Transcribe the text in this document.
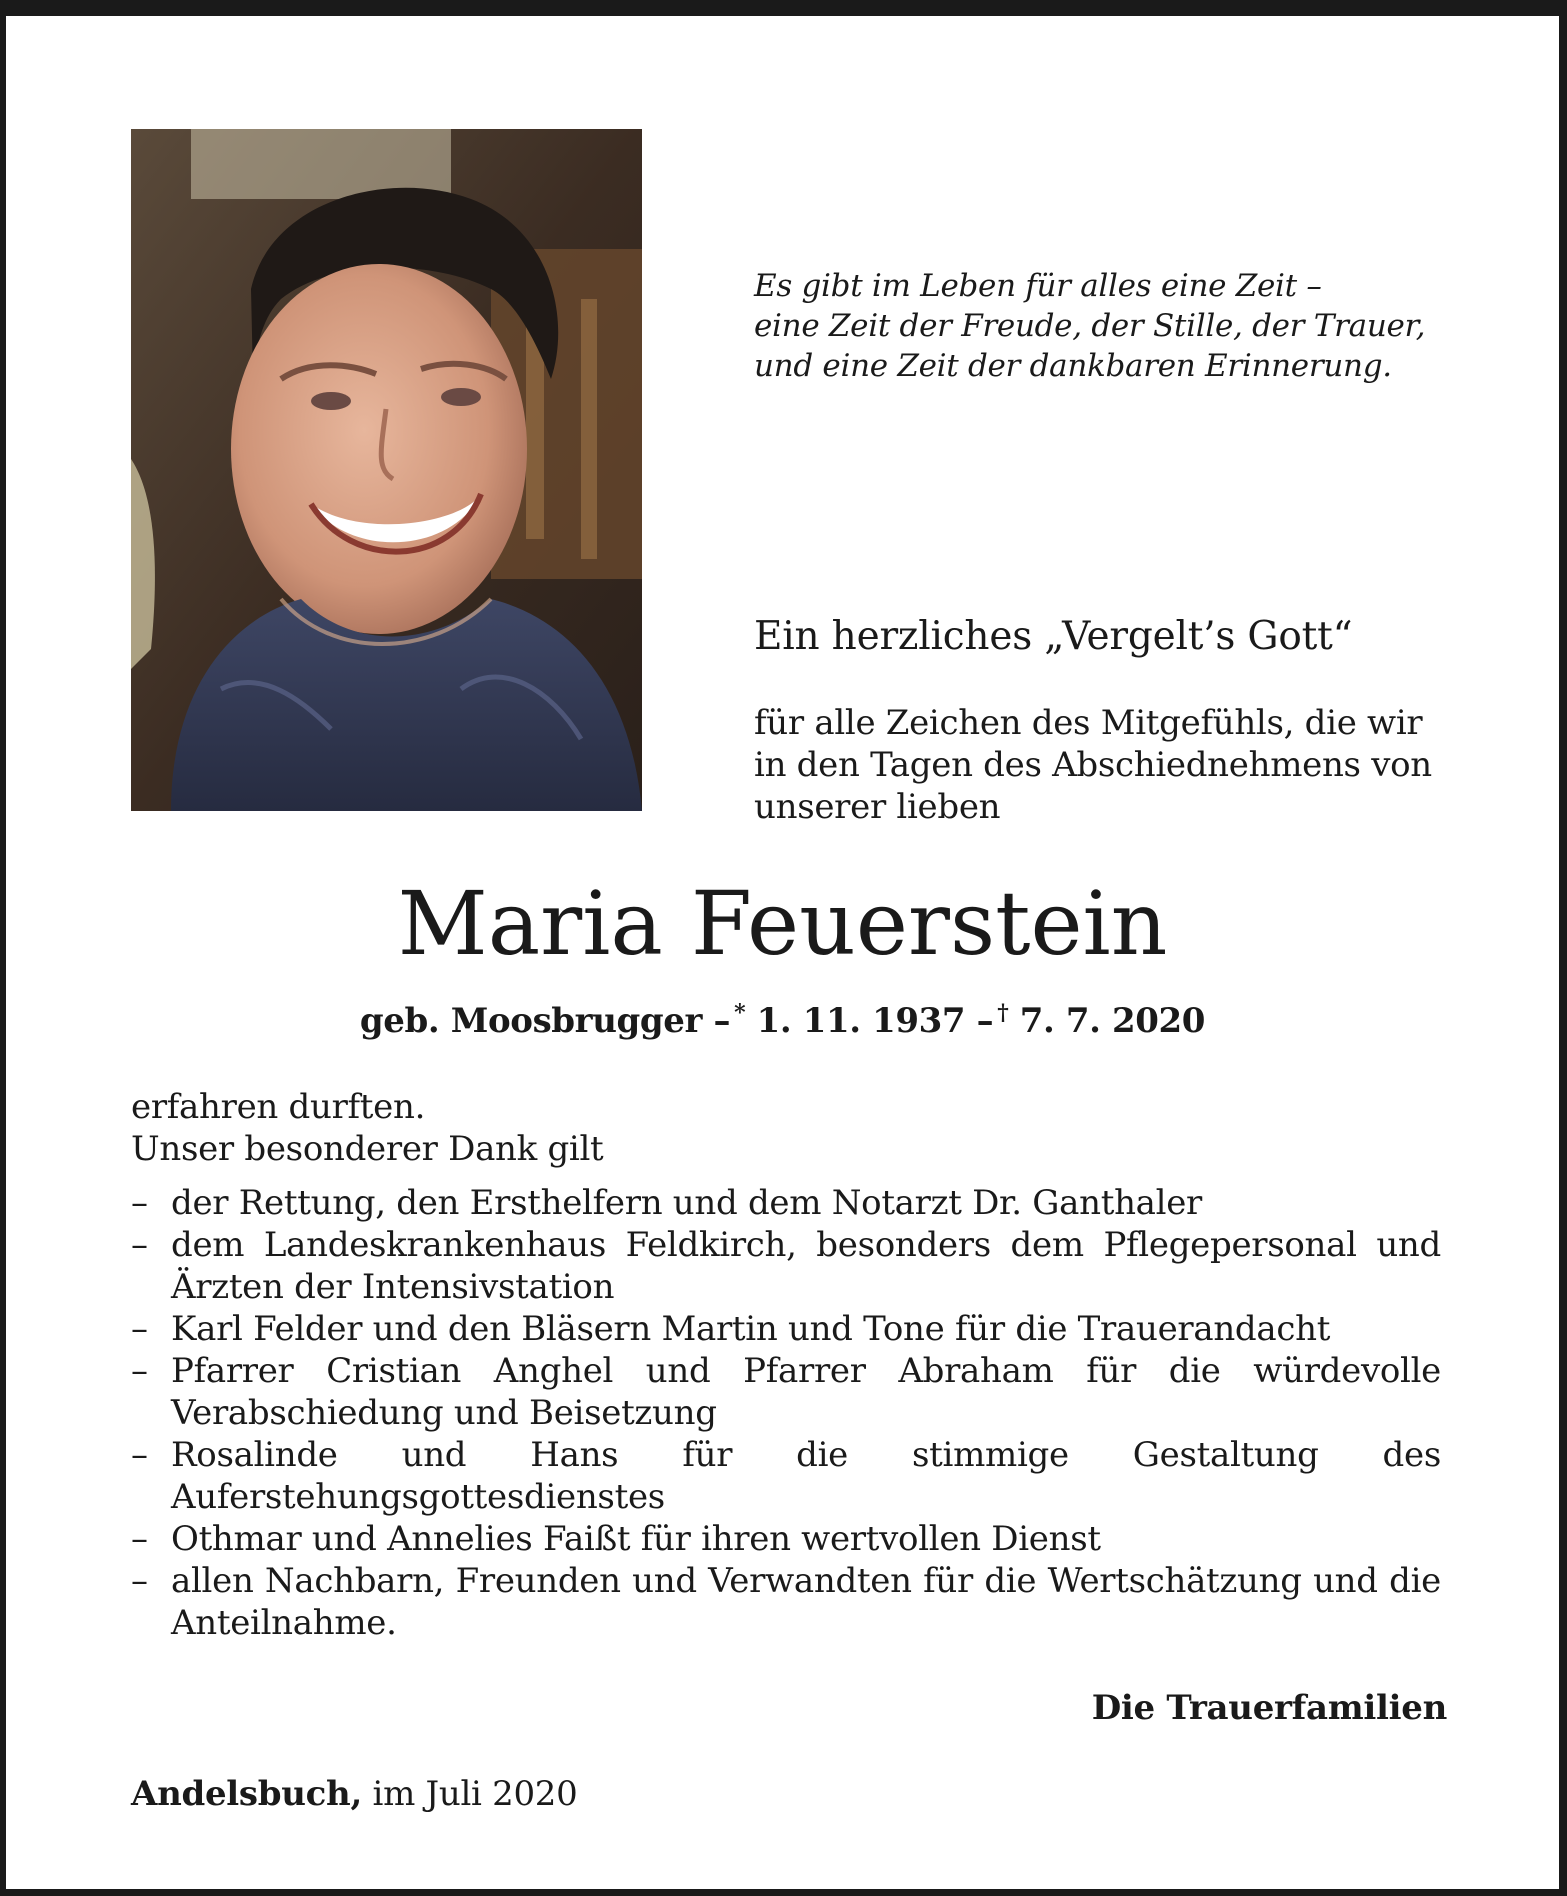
Es gibt im Leben für alles eine Zeit –
eine Zeit der Freude, der Stille, der Trauer,
und eine Zeit der dankbaren Erinnerung.
Ein herzliches „Vergelt’s Gott“
für alle Zeichen des Mitgefühls, die wir
in den Tagen des Abschiednehmens von
unserer lieben
Maria Feuerstein
geb. Moosbrugger – * 1. 11. 1937 – † 7. 7. 2020
erfahren durften.
Unser besonderer Dank gilt
– der Rettung, den Ersthelfern und dem Notarzt Dr. Ganthaler
– dem Landeskrankenhaus Feldkirch, besonders dem Pflegepersonal und Ärzten der Intensivstation
– Karl Felder und den Bläsern Martin und Tone für die Trauerandacht
– Pfarrer Cristian Anghel und Pfarrer Abraham für die würdevolle Verabschiedung und Beisetzung
– Rosalinde und Hans für die stimmige Gestaltung des Auferstehungsgottesdienstes
– Othmar und Annelies Faißt für ihren wertvollen Dienst
– allen Nachbarn, Freunden und Verwandten für die Wertschätzung und die Anteilnahme.
Die Trauerfamilien
Andelsbuch, im Juli 2020
